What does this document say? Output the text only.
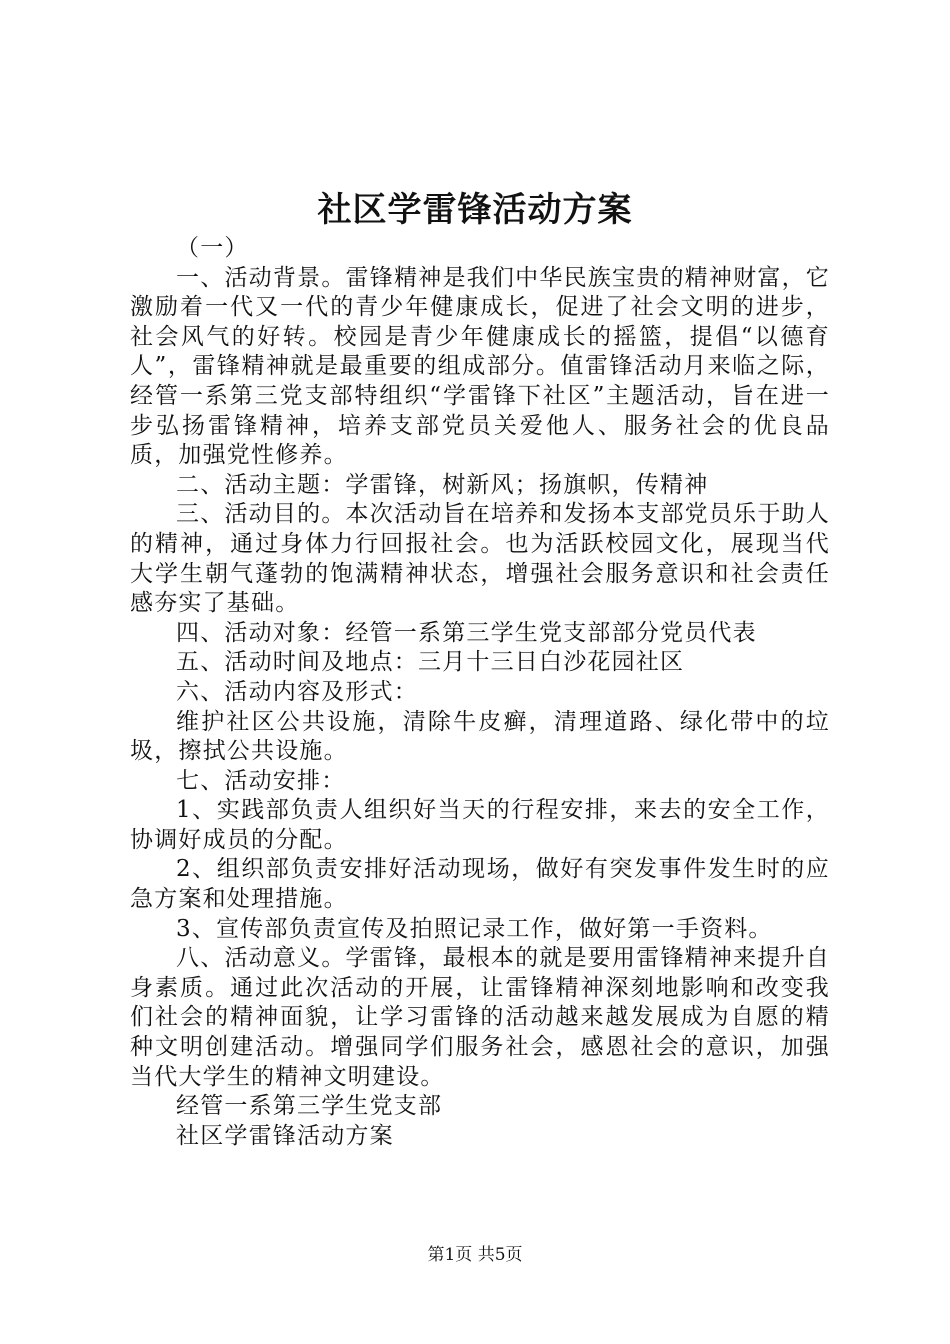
社区学雷锋活动方案

（一）

一、活动背景。雷锋精神是我们中华民族宝贵的精神财富，它激励着一代又一代的青少年健康成长，促进了社会文明的进步，社会风气的好转。校园是青少年健康成长的摇篮，提倡“以德育人”，雷锋精神就是最重要的组成部分。值雷锋活动月来临之际，经管一系第三党支部特组织“学雷锋下社区”主题活动，旨在进一步弘扬雷锋精神，培养支部党员关爱他人、服务社会的优良品质，加强党性修养。

二、活动主题：学雷锋，树新风；扬旗帜，传精神

三、活动目的。本次活动旨在培养和发扬本支部党员乐于助人的精神，通过身体力行回报社会。也为活跃校园文化，展现当代大学生朝气蓬勃的饱满精神状态，增强社会服务意识和社会责任感夯实了基础。

四、活动对象：经管一系第三学生党支部部分党员代表

五、活动时间及地点：三月十三日白沙花园社区

六、活动内容及形式：

维护社区公共设施，清除牛皮癣，清理道路、绿化带中的垃圾，擦拭公共设施。

七、活动安排：

1、实践部负责人组织好当天的行程安排，来去的安全工作，协调好成员的分配。

2、组织部负责安排好活动现场，做好有突发事件发生时的应急方案和处理措施。

3、宣传部负责宣传及拍照记录工作，做好第一手资料。

八、活动意义。学雷锋，最根本的就是要用雷锋精神来提升自身素质。通过此次活动的开展，让雷锋精神深刻地影响和改变我们社会的精神面貌，让学习雷锋的活动越来越发展成为自愿的精种文明创建活动。增强同学们服务社会，感恩社会的意识，加强当代大学生的精神文明建设。

经管一系第三学生党支部

社区学雷锋活动方案

第1页 共5页
